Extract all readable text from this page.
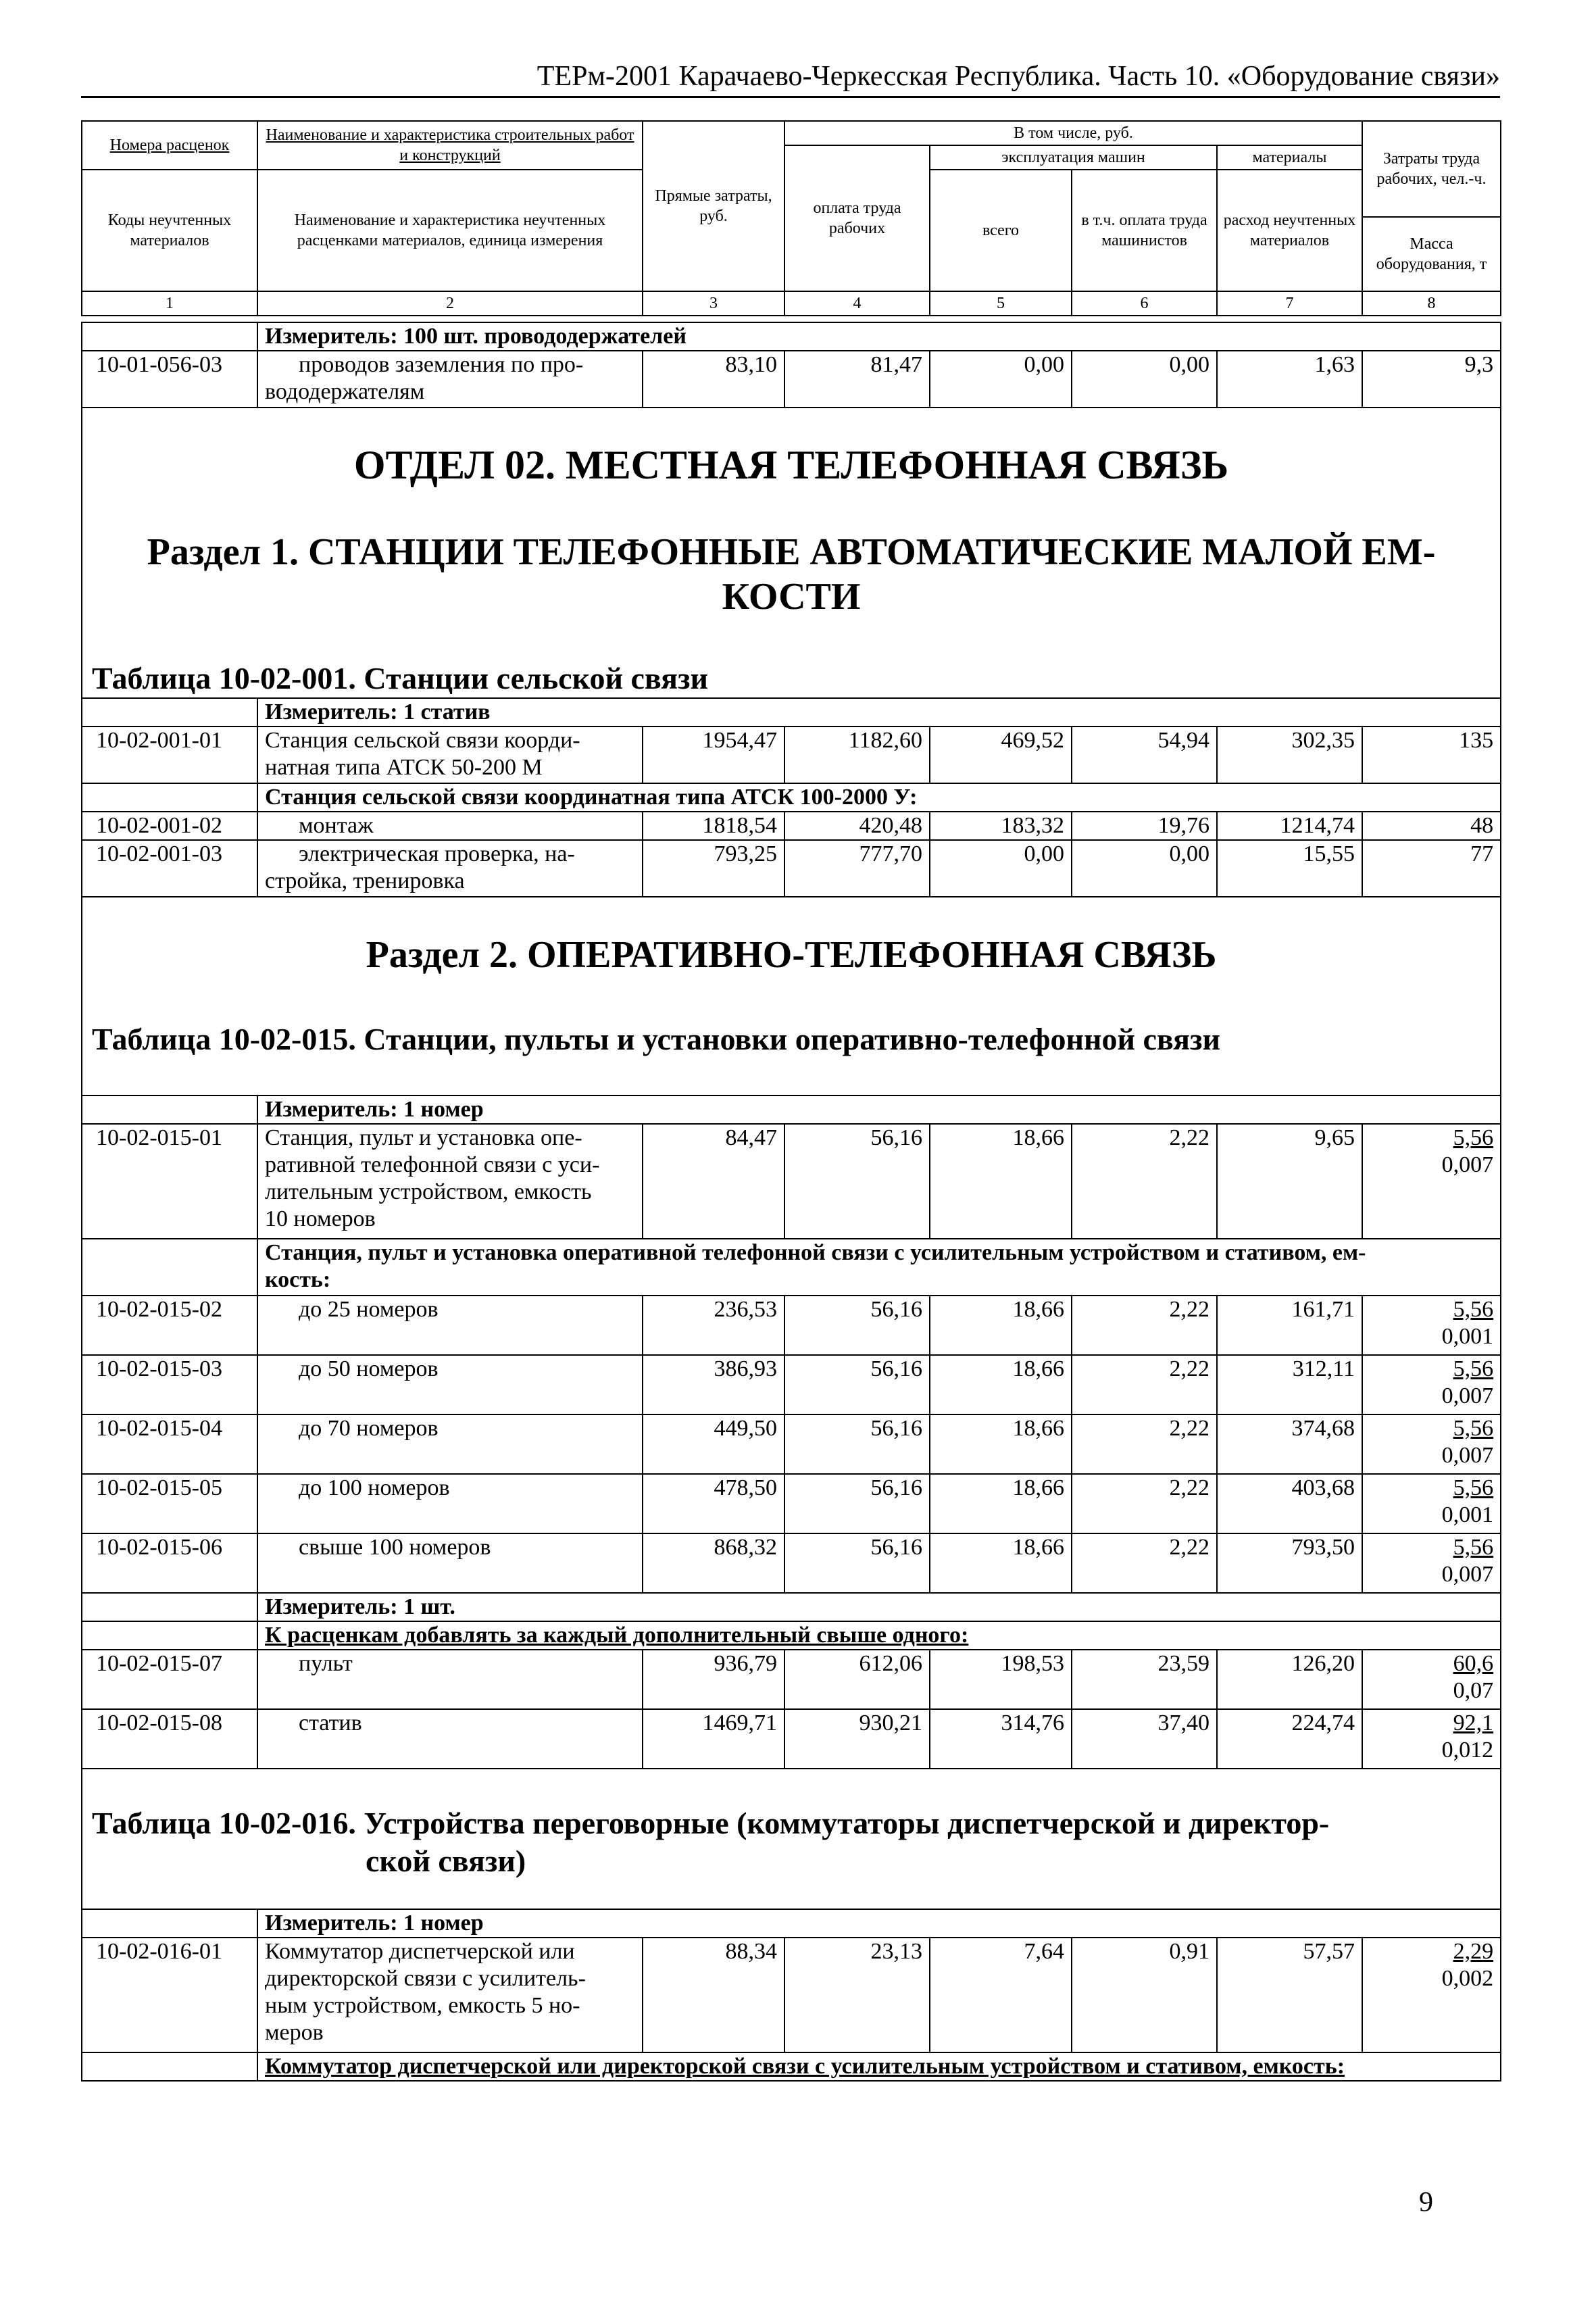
ТЕРм-2001 Карачаево-Черкесская Республика. Часть 10. «Оборудование связи»
Номера расценок	Наименование и характеристика строительных работ и конструкций	Прямые затраты, руб.	В том числе, руб.				Затраты труда рабочих, чел.-ч.
			оплата труда рабочих	эксплуатация машин		материалы	
Коды неучтенных материалов	Наименование и характеристика неучтенных расценками материалов, единица измерения			всего	в т.ч. оплата труда машинистов	расход неучтенных материалов	
							Масса оборудования, т
1	2	3	4	5	6	7	8
	Измеритель: 100 шт. провододержателей						
10-01-056-03	проводов заземления по про-
вододержателям	83,10	81,47	0,00	0,00	1,63	9,3

ОТДЕЛ 02. МЕСТНАЯ ТЕЛЕФОННАЯ СВЯЗЬ
Раздел 1. СТАНЦИИ ТЕЛЕФОННЫЕ АВТОМАТИЧЕСКИЕ МАЛОЙ ЕМ-
КОСТИ
Таблица 10-02-001. Станции сельской связи							

	Измеритель: 1 статив						
10-02-001-01	Станция сельской связи коорди-
натная типа АТСК 50-200 М	1954,47	1182,60	469,52	54,94	302,35	135
	Станция сельской связи координатная типа АТСК 100-2000 У:						
10-02-001-02	монтаж	1818,54	420,48	183,32	19,76	1214,74	48
10-02-001-03	электрическая проверка, на-
стройка, тренировка	793,25	777,70	0,00	0,00	15,55	77

Раздел 2. ОПЕРАТИВНО-ТЕЛЕФОННАЯ СВЯЗЬ
Таблица 10-02-015. Станции, пульты и установки оперативно-телефонной связи							

	Измеритель: 1 номер						
10-02-015-01	Станция, пульт и установка опе-
ративной телефонной связи с уси-
лительным устройством, емкость
10 номеров	84,47	56,16	18,66	2,22	9,65	5,56
0,007

	Станция, пульт и установка оперативной телефонной связи с усилительным устройством и стативом, ем-
кость:						
10-02-015-02	до 25 номеров	236,53	56,16	18,66	2,22	161,71	5,56
0,001
10-02-015-03	до 50 номеров	386,93	56,16	18,66	2,22	312,11	5,56
0,007
10-02-015-04	до 70 номеров	449,50	56,16	18,66	2,22	374,68	5,56
0,007
10-02-015-05	до 100 номеров	478,50	56,16	18,66	2,22	403,68	5,56
0,001
10-02-015-06	свыше 100 номеров	868,32	56,16	18,66	2,22	793,50	5,56
0,007
	Измеритель: 1 шт.						
	К расценкам добавлять за каждый дополнительный свыше одного:						
10-02-015-07	пульт	936,79	612,06	198,53	23,59	126,20	60,6
0,07
10-02-015-08	статив	1469,71	930,21	314,76	37,40	224,74	92,1
0,012

Таблица 10-02-016. Устройства переговорные (коммутаторы диспетчерской и директор-
ской связи)							

	Измеритель: 1 номер						
10-02-016-01	Коммутатор диспетчерской или
директорской связи с усилитель-
ным устройством, емкость 5 но-
меров	88,34	23,13	7,64	0,91	57,57	2,29
0,002
	Коммутатор диспетчерской или директорской связи с усилительным устройством и стативом, емкость:						
9
